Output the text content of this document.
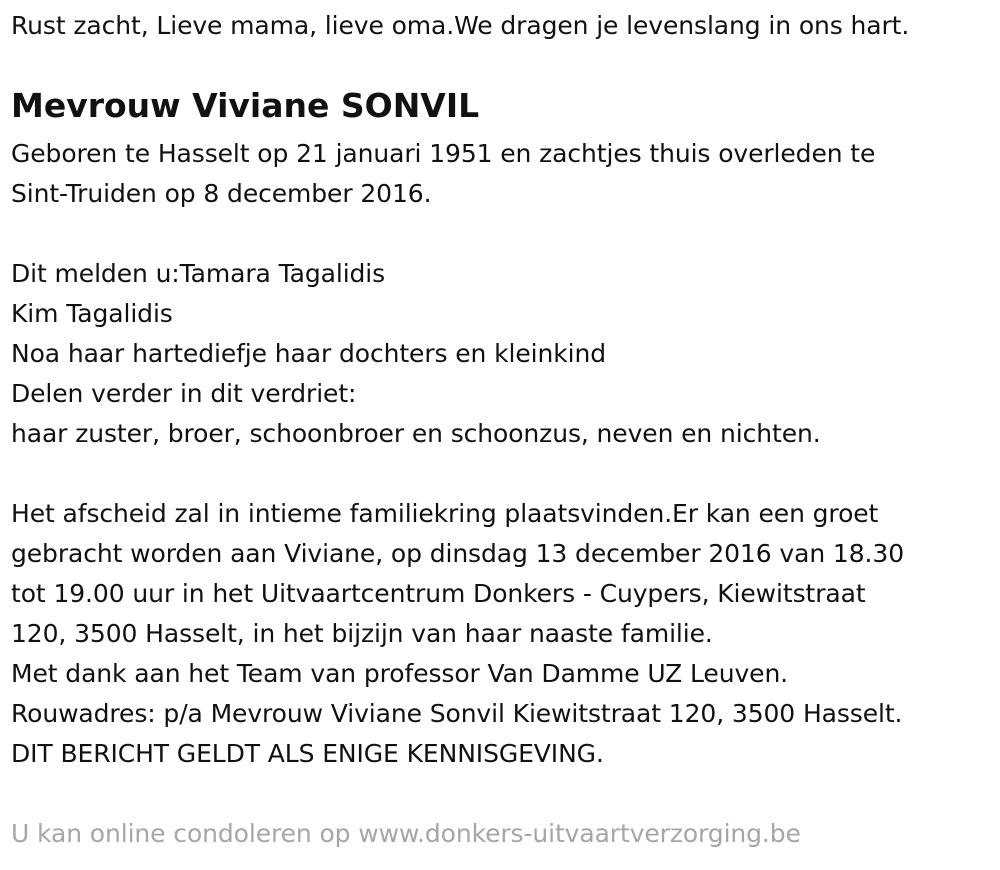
Rust zacht, Lieve mama, lieve oma.We dragen je levenslang in ons hart.
Mevrouw Viviane SONVIL
Geboren te Hasselt op 21 januari 1951 en zachtjes thuis overleden te
Sint-Truiden op 8 december 2016.
Dit melden u:Tamara Tagalidis
Kim Tagalidis
Noa haar hartediefje haar dochters en kleinkind
Delen verder in dit verdriet:
haar zuster, broer, schoonbroer en schoonzus, neven en nichten.
Het afscheid zal in intieme familiekring plaatsvinden.Er kan een groet
gebracht worden aan Viviane, op dinsdag 13 december 2016 van 18.30
tot 19.00 uur in het Uitvaartcentrum Donkers - Cuypers, Kiewitstraat
120, 3500 Hasselt, in het bijzijn van haar naaste familie.
Met dank aan het Team van professor Van Damme UZ Leuven.
Rouwadres: p/a Mevrouw Viviane Sonvil Kiewitstraat 120, 3500 Hasselt.
DIT BERICHT GELDT ALS ENIGE KENNISGEVING.
U kan online condoleren op www.donkers-uitvaartverzorging.be
